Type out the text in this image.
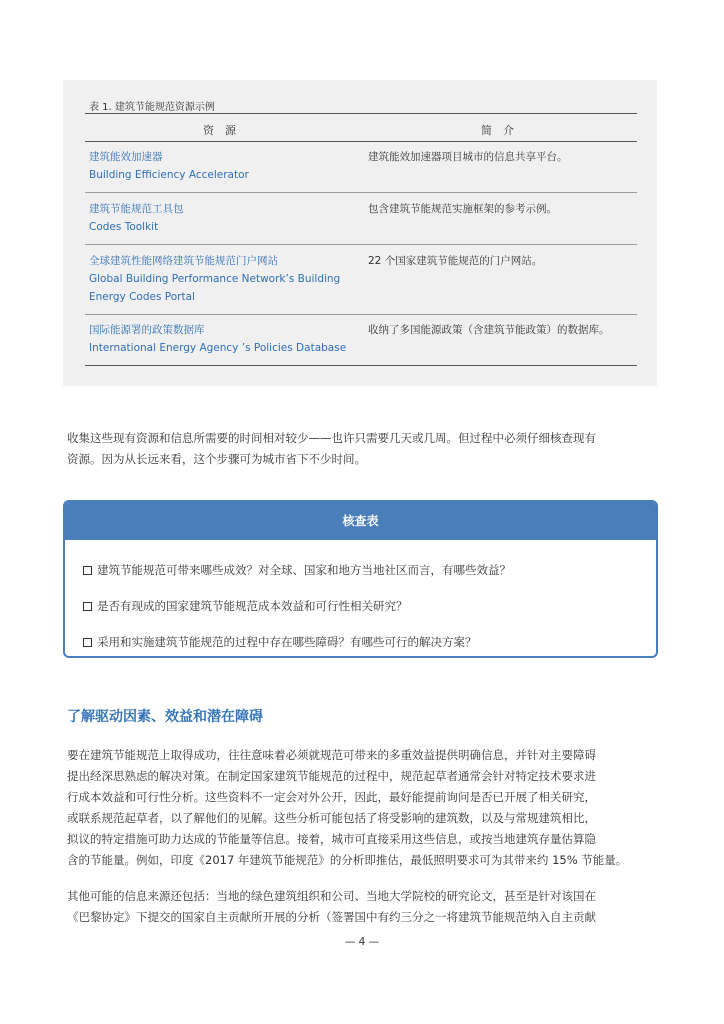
表 1. 建筑节能规范资源示例
资　源	简　介
建筑能效加速器
Building Efficiency Accelerator
建筑能效加速器项目城市的信息共享平台。
建筑节能规范工具包
Codes Toolkit
包含建筑节能规范实施框架的参考示例。
全球建筑性能网络建筑节能规范门户网站
Global Building Performance Network’s Building
Energy Codes Portal
22 个国家建筑节能规范的门户网站。
国际能源署的政策数据库
International Energy Agency ’s Policies Database
收纳了多国能源政策（含建筑节能政策）的数据库。
收集这些现有资源和信息所需要的时间相对较少——也许只需要几天或几周。但过程中必须仔细核查现有
资源。因为从长远来看，这个步骤可为城市省下不少时间。
核查表
建筑节能规范可带来哪些成效？对全球、国家和地方当地社区而言，有哪些效益？
是否有现成的国家建筑节能规范成本效益和可行性相关研究？
采用和实施建筑节能规范的过程中存在哪些障碍？有哪些可行的解决方案？
了解驱动因素、效益和潜在障碍
要在建筑节能规范上取得成功，往往意味着必须就规范可带来的多重效益提供明确信息，并针对主要障碍
提出经深思熟虑的解决对策。在制定国家建筑节能规范的过程中，规范起草者通常会针对特定技术要求进
行成本效益和可行性分析。这些资料不一定会对外公开，因此，最好能提前询问是否已开展了相关研究，
或联系规范起草者，以了解他们的见解。这些分析可能包括了将受影响的建筑数，以及与常规建筑相比，
拟议的特定措施可助力达成的节能量等信息。接着，城市可直接采用这些信息，或按当地建筑存量估算隐
含的节能量。例如，印度《2017 年建筑节能规范》的分析即推估，最低照明要求可为其带来约 15% 节能量。
其他可能的信息来源还包括：当地的绿色建筑组织和公司、当地大学院校的研究论文，甚至是针对该国在
《巴黎协定》下提交的国家自主贡献所开展的分析（签署国中有约三分之一将建筑节能规范纳入自主贡献
— 4 —
